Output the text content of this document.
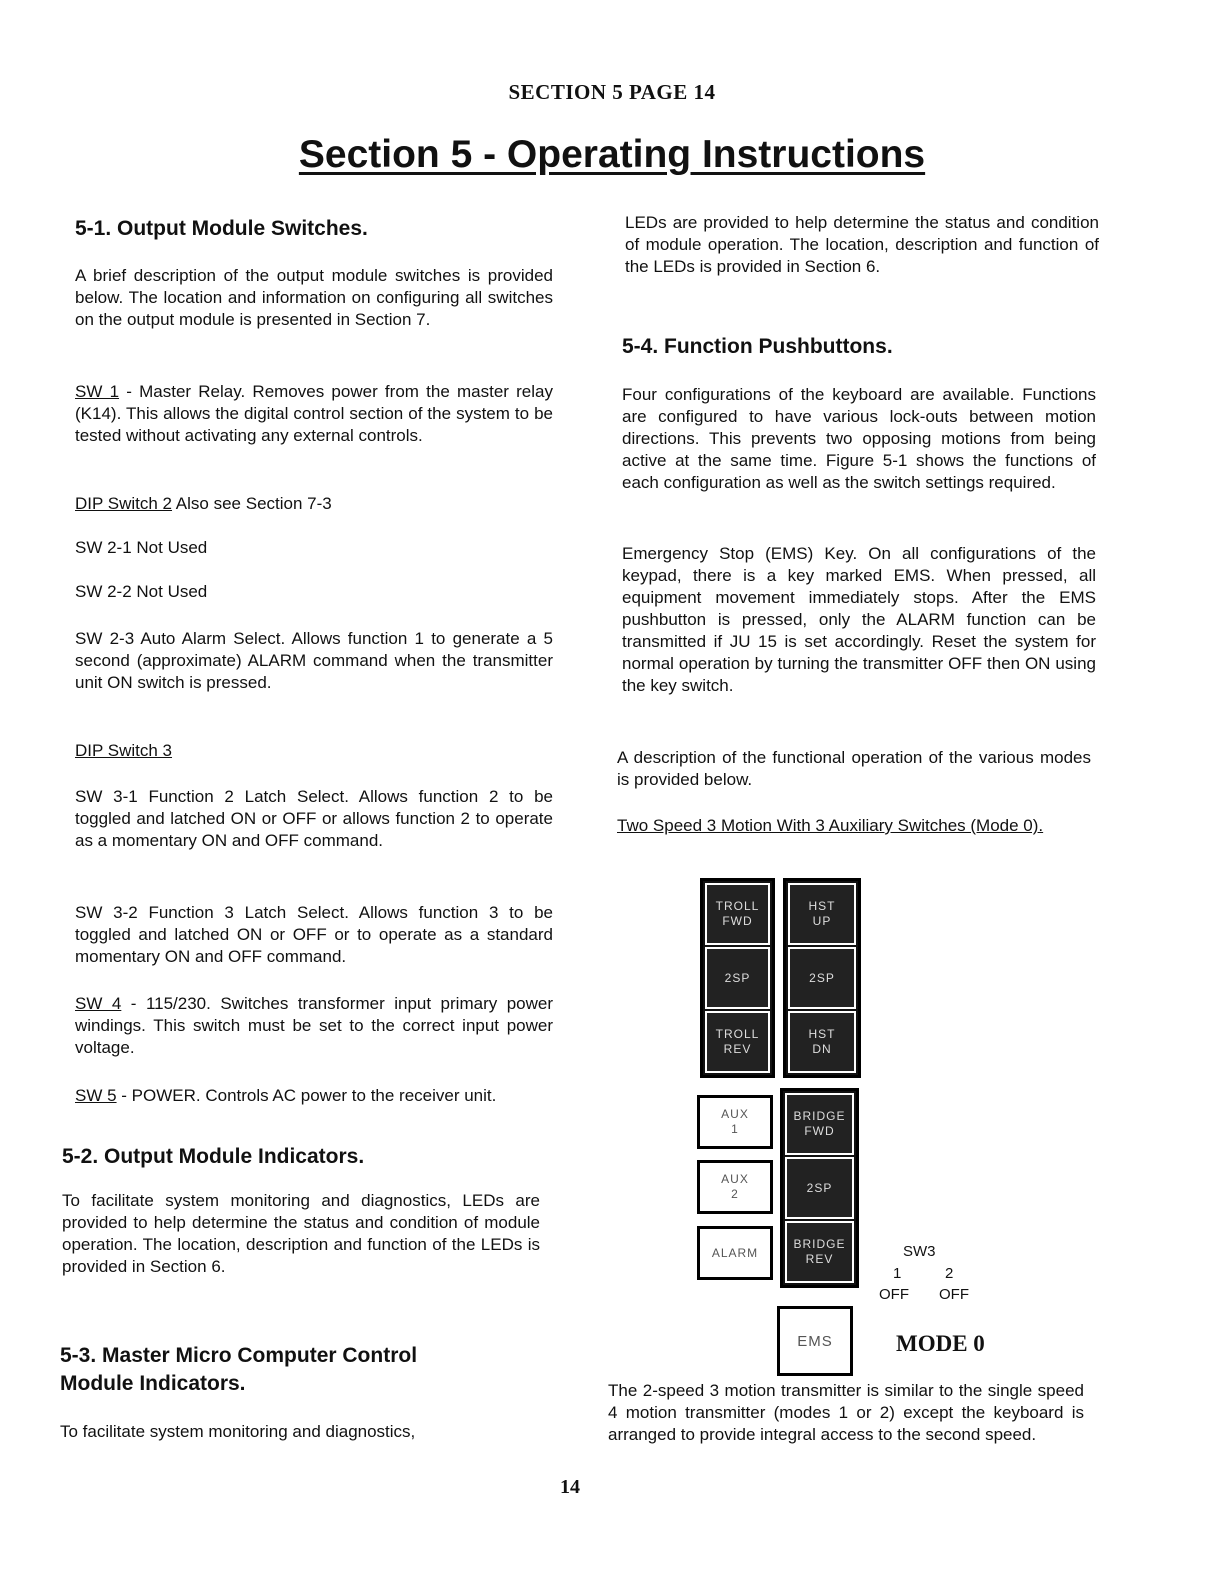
SECTION 5 PAGE 14
Section 5 - Operating Instructions
5-1. Output Module Switches.
A brief description of the output module switches is provided below. The location and information on configuring all switches on the output module is presented in Section 7.
SW 1 - Master Relay. Removes power from the master relay (K14). This allows the digital control section of the system to be tested without activating any external controls.
DIP Switch 2 Also see Section 7-3
SW 2-1 Not Used
SW 2-2 Not Used
SW 2-3 Auto Alarm Select. Allows function 1 to generate a 5 second (approximate) ALARM command when the transmitter unit ON switch is pressed.
DIP Switch 3
SW 3-1 Function 2 Latch Select. Allows function 2 to be toggled and latched ON or OFF or allows function 2 to operate as a momentary ON and OFF command.
SW 3-2 Function 3 Latch Select. Allows function 3 to be toggled and latched ON or OFF or to operate as a standard momentary ON and OFF command.
SW 4 - 115/230. Switches transformer input primary power windings. This switch must be set to the correct input power voltage.
SW 5 - POWER. Controls AC power to the receiver unit.
5-2. Output Module Indicators.
To facilitate system monitoring and diagnostics, LEDs are provided to help determine the status and condition of module operation. The location, description and function of the LEDs is provided in Section 6.
5-3. Master Micro Computer Control
Module Indicators.
To facilitate system monitoring and diagnostics,
LEDs are provided to help determine the status and condition of module operation. The location, description and function of the LEDs is provided in Section 6.
5-4. Function Pushbuttons.
Four configurations of the keyboard are available. Functions are configured to have various lock-outs between motion directions. This prevents two opposing motions from being active at the same time. Figure 5-1 shows the functions of each configuration as well as the switch settings required.
Emergency Stop (EMS) Key. On all configurations of the keypad, there is a key marked EMS. When pressed, all equipment movement immediately stops. After the EMS pushbutton is pressed, only the ALARM function can be transmitted if JU 15 is set accordingly. Reset the system for normal operation by turning the transmitter OFF then ON using the key switch.
A description of the functional operation of the various modes is provided below.
Two Speed 3 Motion With 3 Auxiliary Switches (Mode 0).
TROLL
FWD
2SP
TROLL
REV
HST
UP
2SP
HST
DN
AUX
1
AUX
2
ALARM
BRIDGE
FWD
2SP
BRIDGE
REV
EMS
SW3
1	2
OFF OFF
MODE 0
The 2-speed 3 motion transmitter is similar to the single speed 4 motion transmitter (modes 1 or 2) except the keyboard is arranged to provide integral access to the second speed.
14
